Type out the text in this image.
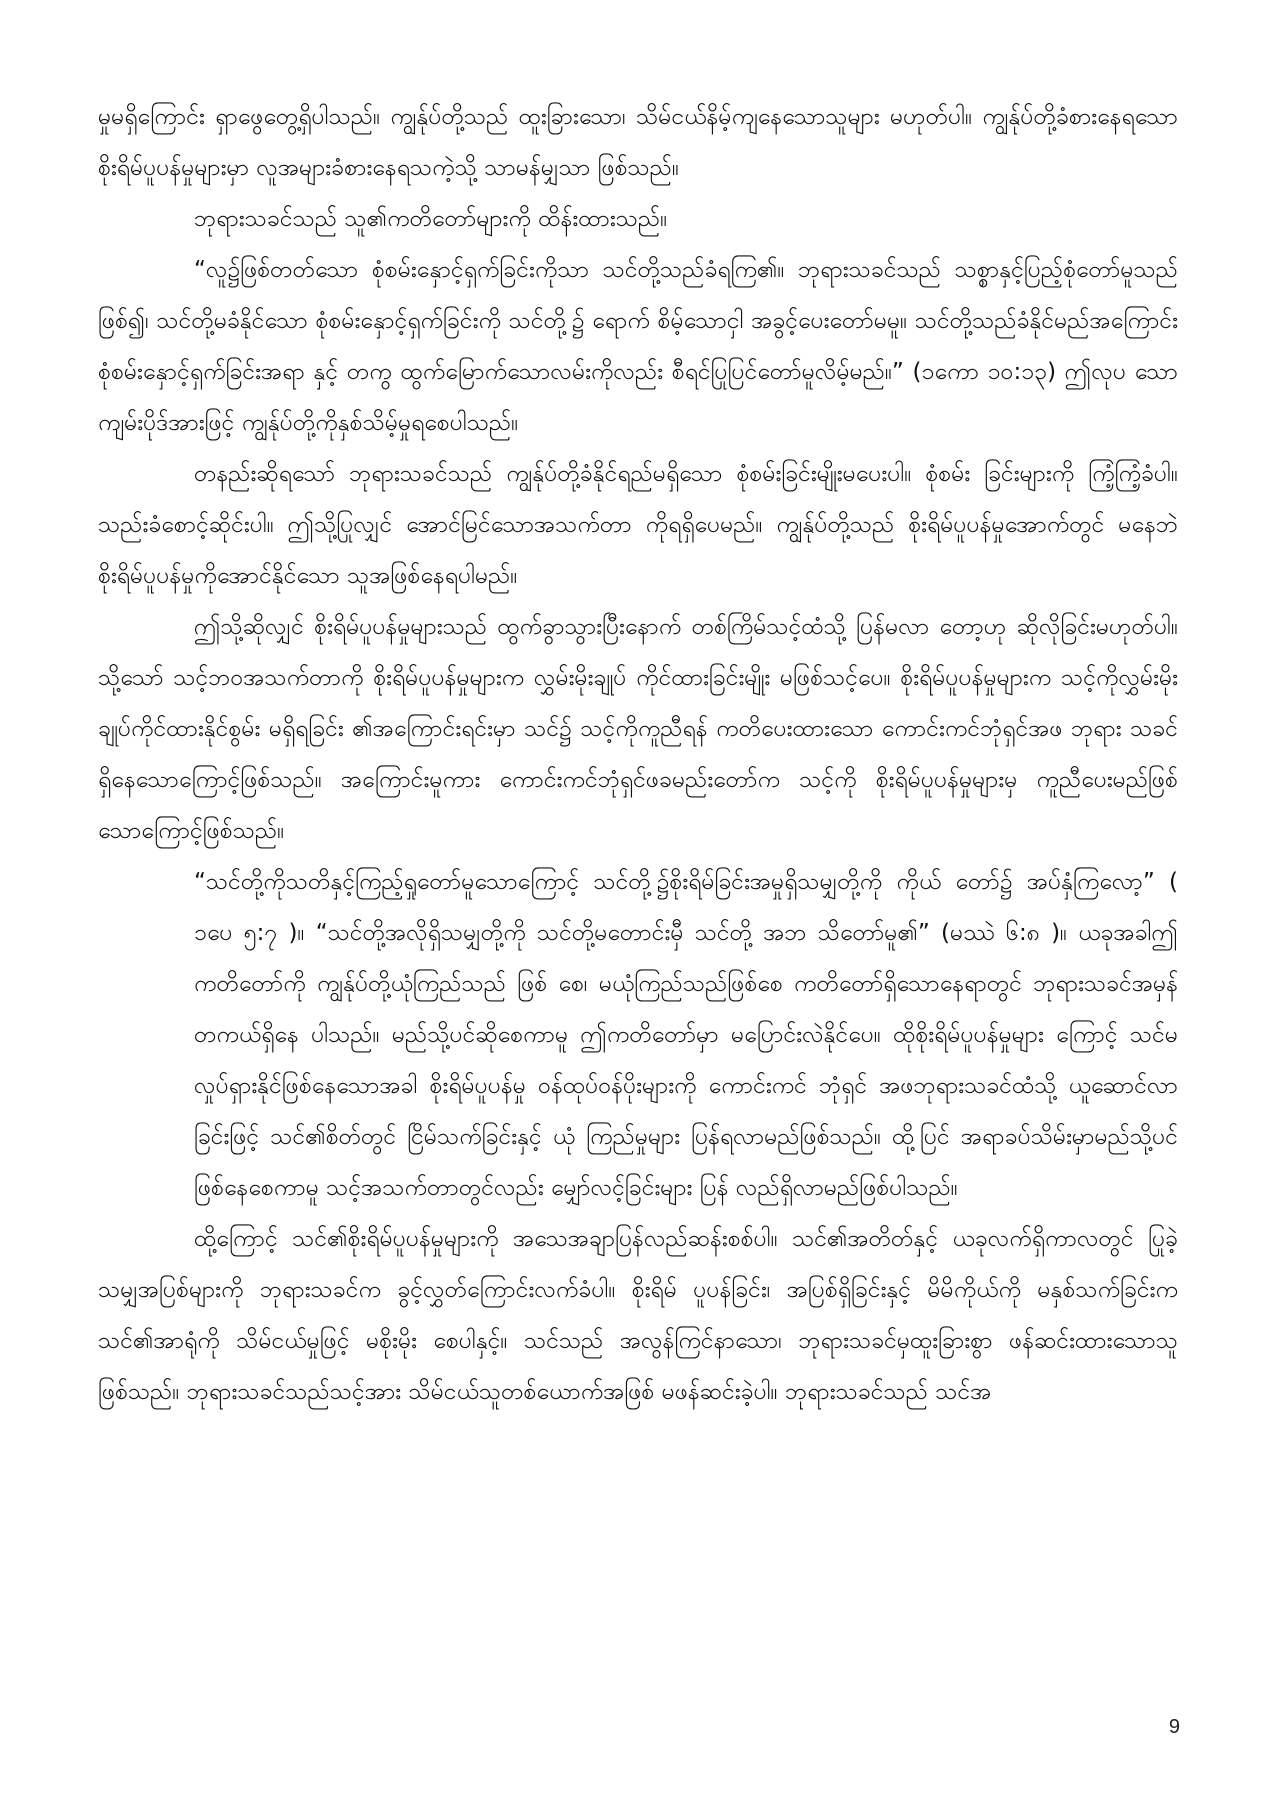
မှုမရှိကြောင်း ရှာဖွေတွေ့ရှိပါသည်။ ကျွန်ုပ်တို့သည် ထူးခြားသော၊ သိမ်ငယ်နိမ့်ကျနေသောသူများ မဟုတ်ပါ။ ကျွန်ုပ်တို့ခံစားနေရသော စိုးရိမ်ပူပန်မှုများမှာ လူအများခံစားနေရသကဲ့သို့ သာမန်မျှသာ ဖြစ်သည်။

ဘုရားသခင်သည် သူ၏ကတိတော်များကို ထိန်းထားသည်။

“လူ၌ဖြစ်တတ်သော စုံစမ်းနှောင့်ရှက်ခြင်းကိုသာ သင်တို့သည်ခံရကြ၏။ ဘုရားသခင်သည် သစ္စာနှင့်ပြည့်စုံတော်မူသည်ဖြစ်၍၊ သင်တို့မခံနိုင်သော စုံစမ်းနှောင့်ရှက်ခြင်းကို သင်တို့၌ ရောက် စိမ့်သောငှါ အခွင့်ပေးတော်မမူ။ သင်တို့သည်ခံနိုင်မည်အကြောင်း စုံစမ်းနှောင့်ရှက်ခြင်းအရာ နှင့် တကွ ထွက်မြောက်သောလမ်းကိုလည်း စီရင်ပြုပြင်တော်မူလိမ့်မည်။” (၁ကော ၁၀:၁၃) ဤလုပ သော ကျမ်းပိုဒ်အားဖြင့် ကျွန်ုပ်တို့ကိုနှစ်သိမ့်မှုရစေပါသည်။

တနည်းဆိုရသော် ဘုရားသခင်သည် ကျွန်ုပ်တို့ခံနိုင်ရည်မရှိသော စုံစမ်းခြင်းမျိုးမပေးပါ။ စုံစမ်း ခြင်းများကို ကြံ့ကြံ့ခံပါ။ သည်းခံစောင့်ဆိုင်းပါ။ ဤသို့ပြုလျှင် အောင်မြင်သောအသက်တာ ကိုရရှိပေမည်။ ကျွန်ုပ်တို့သည် စိုးရိမ်ပူပန်မှုအောက်တွင် မနေဘဲ စိုးရိမ်ပူပန်မှုကိုအောင်နိုင်သော သူအဖြစ်နေရပါမည်။

ဤသို့ဆိုလျှင် စိုးရိမ်ပူပန်မှုများသည် ထွက်ခွာသွားပြီးနောက် တစ်ကြိမ်သင့်ထံသို့ ပြန်မလာ တော့ဟု ဆိုလိုခြင်းမဟုတ်ပါ။ သို့သော် သင့်ဘဝအသက်တာကို စိုးရိမ်ပူပန်မှုများက လွှမ်းမိုးချုပ် ကိုင်ထားခြင်းမျိုး မဖြစ်သင့်ပေ။ စိုးရိမ်ပူပန်မှုများက သင့်ကိုလွှမ်းမိုးချုပ်ကိုင်ထားနိုင်စွမ်း မရှိရခြင်း ၏အကြောင်းရင်းမှာ သင်၌ သင့်ကိုကူညီရန် ကတိပေးထားသော ကောင်းကင်ဘုံရှင်အဖ ဘုရား သခင်ရှိနေသောကြောင့်ဖြစ်သည်။ အကြောင်းမူကား ကောင်းကင်ဘုံရှင်ဖခမည်းတော်က သင့်ကို စိုးရိမ်ပူပန်မှုများမှ ကူညီပေးမည်ဖြစ်သောကြောင့်ဖြစ်သည်။

“သင်တို့ကိုသတိနှင့်ကြည့်ရှုတော်မူသောကြောင့် သင်တို့၌စိုးရိမ်ခြင်းအမှုရှိသမျှတို့ကို ကိုယ် တော်၌ အပ်နှံကြလော့” ( ၁ပေ ၅:၇ )။ “သင်တို့အလိုရှိသမျှတို့ကို သင်တို့မတောင်းမှီ သင်တို့ အဘ သိတော်မူ၏” (မဿဲ ၆:၈ )။ ယခုအခါဤကတိတော်ကို ကျွန်ုပ်တို့ယုံကြည်သည် ဖြစ် စေ၊ မယုံကြည်သည်ဖြစ်စေ ကတိတော်ရှိသောနေရာတွင် ဘုရားသခင်အမှန် တကယ်ရှိနေ ပါသည်။ မည်သို့ပင်ဆိုစေကာမူ ဤကတိတော်မှာ မပြောင်းလဲနိုင်ပေ။ ထိုစိုးရိမ်ပူပန်မှုများ ကြောင့် သင်မလှုပ်ရှားနိုင်ဖြစ်နေသောအခါ စိုးရိမ်ပူပန်မှု ဝန်ထုပ်ဝန်ပိုးများကို ကောင်းကင် ဘုံရှင် အဖဘုရားသခင်ထံသို့ ယူဆောင်လာခြင်းဖြင့် သင်၏စိတ်တွင် ငြိမ်သက်ခြင်းနှင့် ယုံ ကြည်မှုများ ပြန်ရလာမည်ဖြစ်သည်။ ထို့ပြင် အရာခပ်သိမ်းမှာမည်သို့ပင်ဖြစ်နေစေကာမူ သင့်အသက်တာတွင်လည်း မျှော်လင့်ခြင်းများ ပြန် လည်ရှိလာမည်ဖြစ်ပါသည်။

ထို့ကြောင့် သင်၏စိုးရိမ်ပူပန်မှုများကို အသေအချာပြန်လည်ဆန်းစစ်ပါ။ သင်၏အတိတ်နှင့် ယခုလက်ရှိကာလတွင် ပြုခဲ့သမျှအပြစ်များကို ဘုရားသခင်က ခွင့်လွှတ်ကြောင်းလက်ခံပါ။ စိုးရိမ် ပူပန်ခြင်း၊ အပြစ်ရှိခြင်းနှင့် မိမိကိုယ်ကို မနှစ်သက်ခြင်းက သင်၏အာရုံကို သိမ်ငယ်မှုဖြင့် မစိုးမိုး စေပါနှင့်။ သင်သည် အလွန်ကြင်နာသော၊ ဘုရားသခင်မှထူးခြားစွာ ဖန်ဆင်းထားသောသူ ဖြစ်သည်။ ဘုရားသခင်သည်သင့်အား သိမ်ငယ်သူတစ်ယောက်အဖြစ် မဖန်ဆင်းခဲ့ပါ။ ဘုရားသခင်သည် သင်အ

9
